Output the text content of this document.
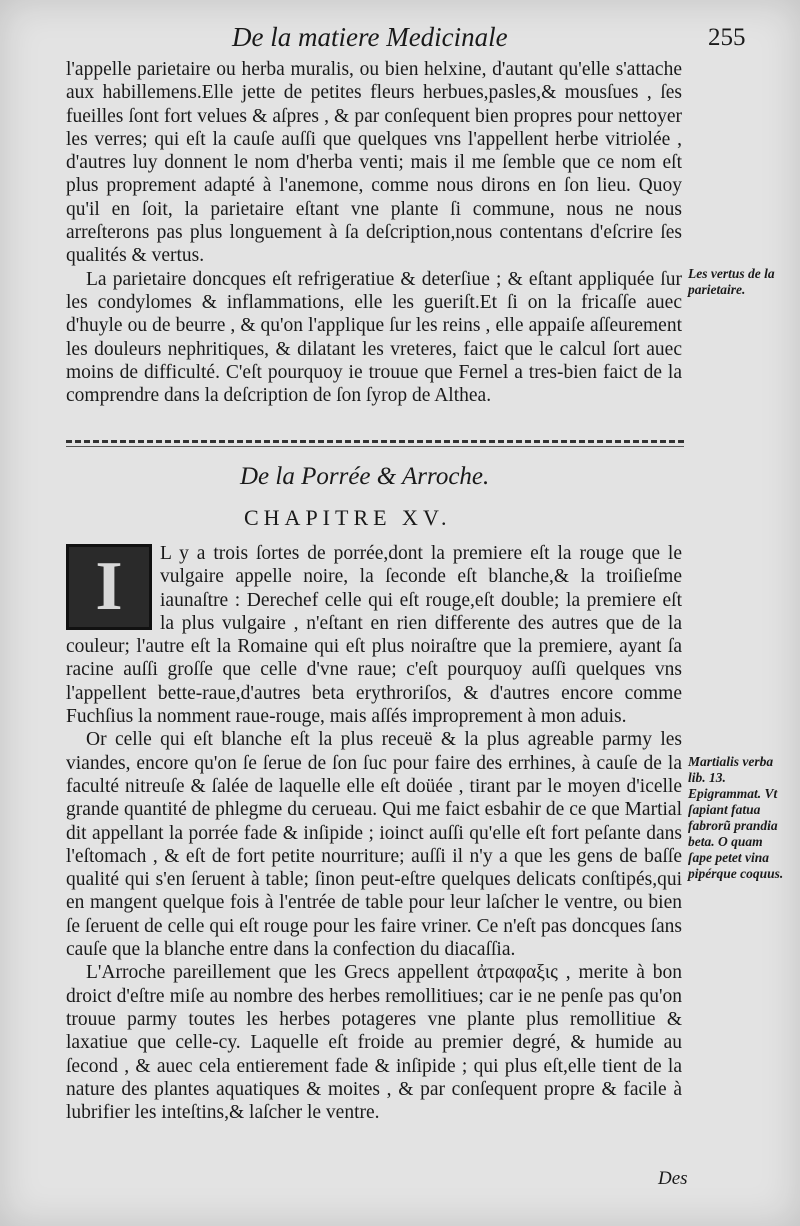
De la matiere Medicinale	255

l'appelle parietaire ou herba muralis, ou bien helxine, d'autant qu'elle s'attache aux habillemens.Elle jette de petites fleurs herbues,pasles,& mousſues , ſes fueilles ſont fort velues & aſpres , & par conſequent bien propres pour nettoyer les verres; qui eſt la cauſe auſſi que quelques vns l'appellent herbe vitriolée , d'autres luy donnent le nom d'herba venti; mais il me ſemble que ce nom eſt plus proprement adapté à l'anemone, comme nous dirons en ſon lieu. Quoy qu'il en ſoit, la parietaire eſtant vne plante ſi commune, nous ne nous arreſterons pas plus longuement à ſa deſcription,nous contentans d'eſcrire ſes qualités & vertus.

La parietaire doncques eſt refrigeratiue & deterſiue ; & eſtant appliquée ſur les condylomes & inflammations, elle les gueriſt.Et ſi on la fricaſſe auec d'huyle ou de beurre , & qu'on l'applique ſur les reins , elle appaiſe aſſeurement les douleurs nephritiques, & dilatant les vreteres, faict que le calcul ſort auec moins de difficulté. C'eſt pourquoy ie trouue que Fernel a tres-bien faict de la comprendre dans la deſcription de ſon ſyrop de Althea.

Les vertus de la parietaire.
De la Porrée & Arroche.
CHAPITRE XV.

I	L y a trois ſortes de porrée,dont la premiere eſt la rouge que le vulgaire appelle noire, la ſeconde eſt blanche,& la troiſieſme iaunaſtre : Derechef celle qui eſt rouge,eſt double; la premiere eſt la plus vulgaire , n'eſtant en rien differente des autres que de la couleur; l'autre eſt la Romaine qui eſt plus noiraſtre que la premiere, ayant ſa racine auſſi groſſe que celle d'vne raue; c'eſt pourquoy auſſi quelques vns l'appellent bette-raue,d'autres beta erythroriſos, & d'autres encore comme Fuchſius la nomment raue-rouge, mais aſſés improprement à mon aduis.

Or celle qui eſt blanche eſt la plus receuë & la plus agreable parmy les viandes, encore qu'on ſe ſerue de ſon ſuc pour faire des errhines, à cauſe de la faculté nitreuſe & ſalée de laquelle elle eſt doüée , tirant par le moyen d'icelle grande quantité de phlegme du cerueau. Qui me faict esbahir de ce que Martial dit appellant la porrée fade & inſipide ; ioinct auſſi qu'elle eſt fort peſante dans l'eſtomach , & eſt de fort petite nourriture; auſſi il n'y a que les gens de baſſe qualité qui s'en ſeruent à table; ſinon peut-eſtre quelques delicats conſtipés,qui en mangent quelque fois à l'entrée de table pour leur laſcher le ventre, ou bien ſe ſeruent de celle qui eſt rouge pour les faire vriner. Ce n'eſt pas doncques ſans cauſe que la blanche entre dans la confection du diacaſſia.

L'Arroche pareillement que les Grecs appellent ἀτραφαξις , merite à bon droict d'eſtre miſe au nombre des herbes remollitiues; car ie ne penſe pas qu'on trouue parmy toutes les herbes potageres vne plante plus remollitiue & laxatiue que celle-cy. Laquelle eſt froide au premier degré, & humide au ſecond , & auec cela entierement fade & inſipide ; qui plus eſt,elle tient de la nature des plantes aquatiques & moites , & par conſequent propre & facile à lubrifier les inteſtins,& laſcher le ventre.

Martialis verba lib. 13. Epigrammat. Vt ſapiant fatua fabrorũ prandia beta. O quam ſape petet vina pipérque coquus.
Des
